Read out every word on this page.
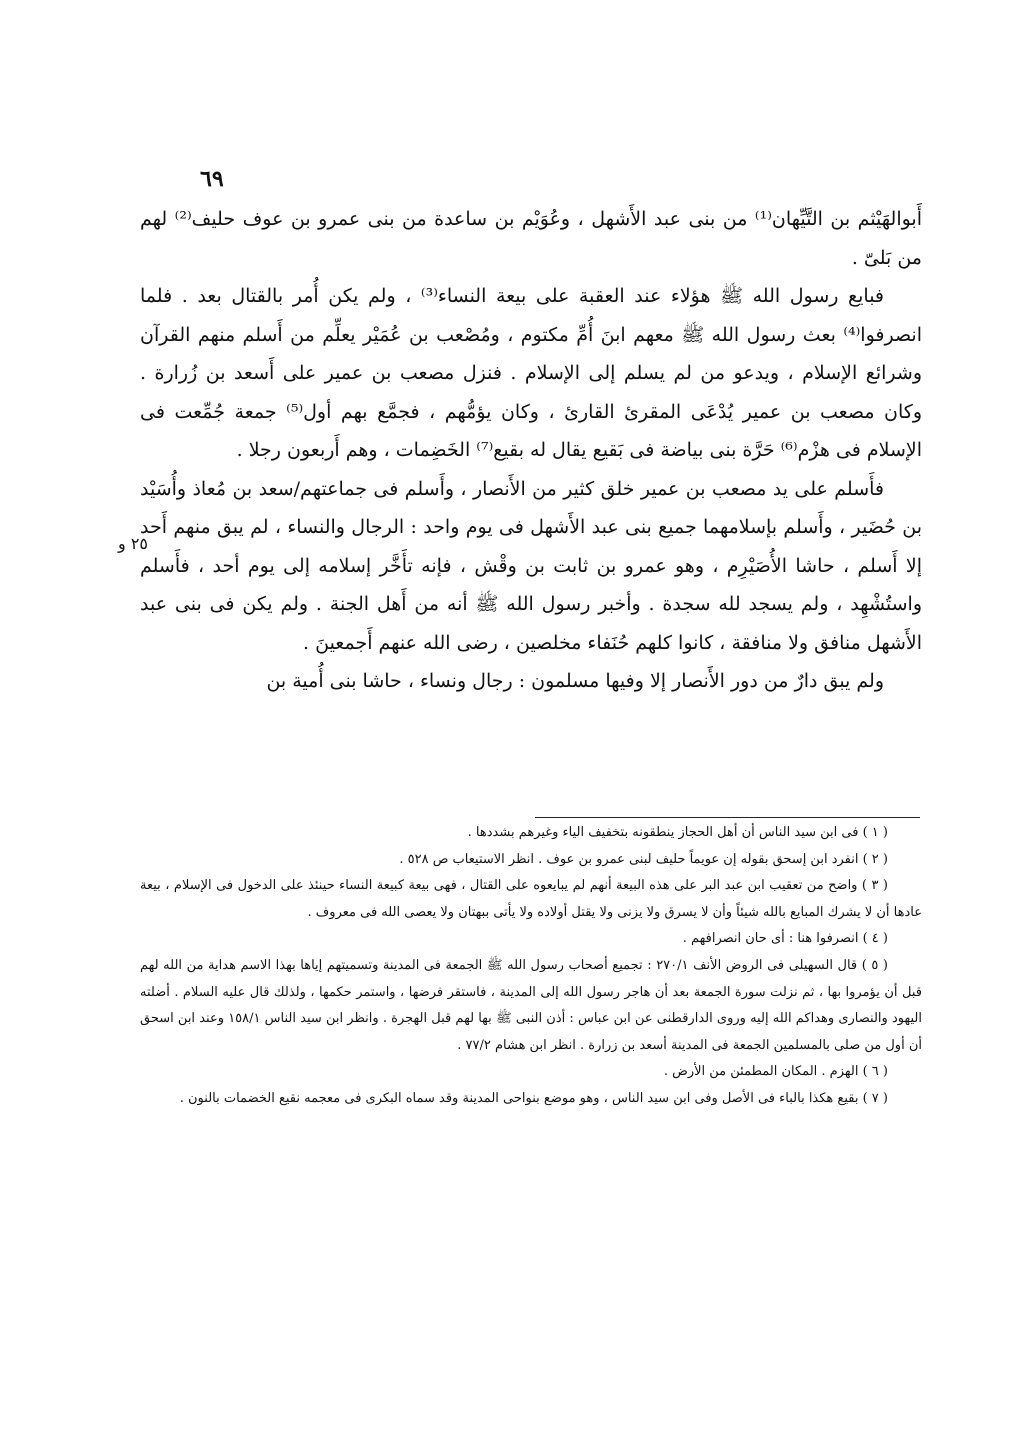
٦٩
٢٥ و

أَبوالهَيْثم بن التَّيِّهان⁽¹⁾ من بنى عبد الأَشهل ، وعُوَيْم بن ساعدة من بنى عمرو بن عوف حليف⁽²⁾ لهم من بَلىّ .

فبايع رسول الله ﷺ هؤلاء عند العقبة على بيعة النساء⁽³⁾ ، ولم يكن أُمر بالقتال بعد . فلما انصرفوا⁽⁴⁾ بعث رسول الله ﷺ معهم ابنَ أُمِّ مكتوم ، ومُصْعب بن عُمَيْر يعلِّم من أَسلم منهم القرآن وشرائع الإسلام ، ويدعو من لم يسلم إلى الإسلام . فنزل مصعب بن عمير على أَسعد بن زُرارة . وكان مصعب بن عمير يُدْعَى المقرئ القارئ ، وكان يؤمُّهم ، فجمَّع بهم أول⁽⁵⁾ جمعة جُمِّعت فى الإسلام فى هزْم⁽⁶⁾ حَرَّة بنى بياضة فى بَقيع يقال له بقيع⁽⁷⁾ الخَضِمات ، وهم أَربعون رجلا .

فأَسلم على يد مصعب بن عمير خلق كثير من الأَنصار ، وأَسلم فى جماعتهم/سعد بن مُعاذ وأُسَيْد بن حُضَير ، وأَسلم بإسلامهما جميع بنى عبد الأَشهل فى يوم واحد : الرجال والنساء ، لم يبق منهم أَحد إلا أَسلم ، حاشا الأُصَيْرِم ، وهو عمرو بن ثابت بن وقْش ، فإنه تأَخَّر إسلامه إلى يوم أحد ، فأَسلم واستُشْهِد ، ولم يسجد لله سجدة . وأخبر رسول الله ﷺ أنه من أَهل الجنة . ولم يكن فى بنى عبد الأَشهل منافق ولا منافقة ، كانوا كلهم حُنَفاء مخلصين ، رضى الله عنهم أَجمعينَ .

ولم يبق دارٌ من دور الأَنصار إلا وفيها مسلمون : رجال ونساء ، حاشا بنى أُمية بن

( ١ ) فى ابن سيد الناس أن أهل الحجاز ينطقونه بتخفيف الياء وغيرهم بشددها .

( ٢ ) انفرد ابن إسحق بقوله إن عويماً حليف لبنى عمرو بن عوف . انظر الاستيعاب ص ٥٢٨ .

( ٣ ) واضح من تعقيب ابن عبد البر على هذه البيعة أنهم لم يبايعوه على القتال ، فهى بيعة كبيعة النساء حينئذ على الدخول فى الإسلام ، بيعة عادها أن لا يشرك المبايع بالله شيئاً وأن لا يسرق ولا يزنى ولا يقتل أولاده ولا يأتى ببهتان ولا يعصى الله فى معروف .

( ٤ ) انصرفوا هنا : أى حان انصرافهم .

( ٥ ) قال السهيلى فى الروض الأنف ٢٧٠/١ : تجميع أصحاب رسول الله ﷺ الجمعة فى المدينة وتسميتهم إياها بهذا الاسم هداية من الله لهم قبل أن يؤمروا بها ، ثم نزلت سورة الجمعة بعد أن هاجر رسول الله إلى المدينة ، فاستقر فرضها ، واستمر حكمها ، ولذلك قال عليه السلام . أضلته اليهود والنصارى وهداكم الله إليه وروى الدارقطنى عن ابن عباس : أذن النبى ﷺ بها لهم قبل الهجرة . وانظر ابن سيد الناس ١٥٨/١ وعند ابن اسحق أن أول من صلى بالمسلمين الجمعة فى المدينة أسعد بن زرارة . انظر ابن هشام ٧٧/٢ .

( ٦ ) الهزم . المكان المطمئن من الأرض .

( ٧ ) بقيع هكذا بالباء فى الأصل وفى ابن سيد الناس ، وهو موضع بنواحى المدينة وقد سماه البكرى فى معجمه نقيع الخضمات بالنون .
